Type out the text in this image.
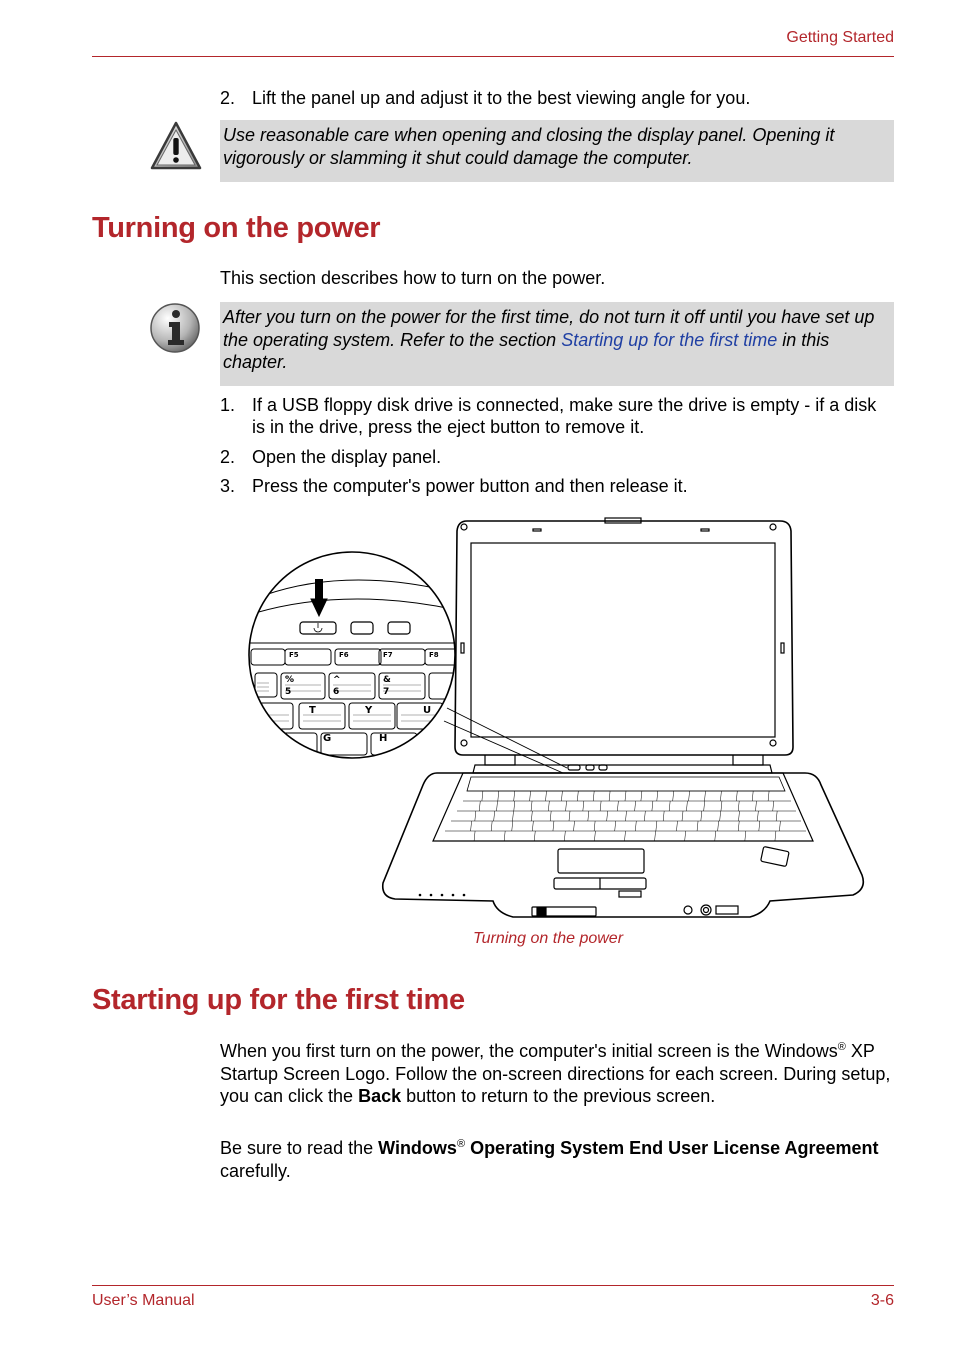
Getting Started
2. Lift the panel up and adjust it to the best viewing angle for you.
Use reasonable care when opening and closing the display panel. Opening it vigorously or slamming it shut could damage the computer.
Turning on the power
This section describes how to turn on the power.
After you turn on the power for the first time, do not turn it off until you have set up the operating system. Refer to the section Starting up for the first time in this chapter.
1. If a USB floppy disk drive is connected, make sure the drive is empty - if a disk is in the drive, press the eject button to remove it.
2. Open the display panel.
3. Press the computer's power button and then release it.
F5	F6	F7	F8
%
5
^
6
&
7
T	Y	U
G	H
Turning on the power
Starting up for the first time
When you first turn on the power, the computer's initial screen is the Windows® XP Startup Screen Logo. Follow the on-screen directions for each screen. During setup, you can click the Back button to return to the previous screen.
Be sure to read the Windows® Operating System End User License Agreement carefully.
User’s Manual	3-6
